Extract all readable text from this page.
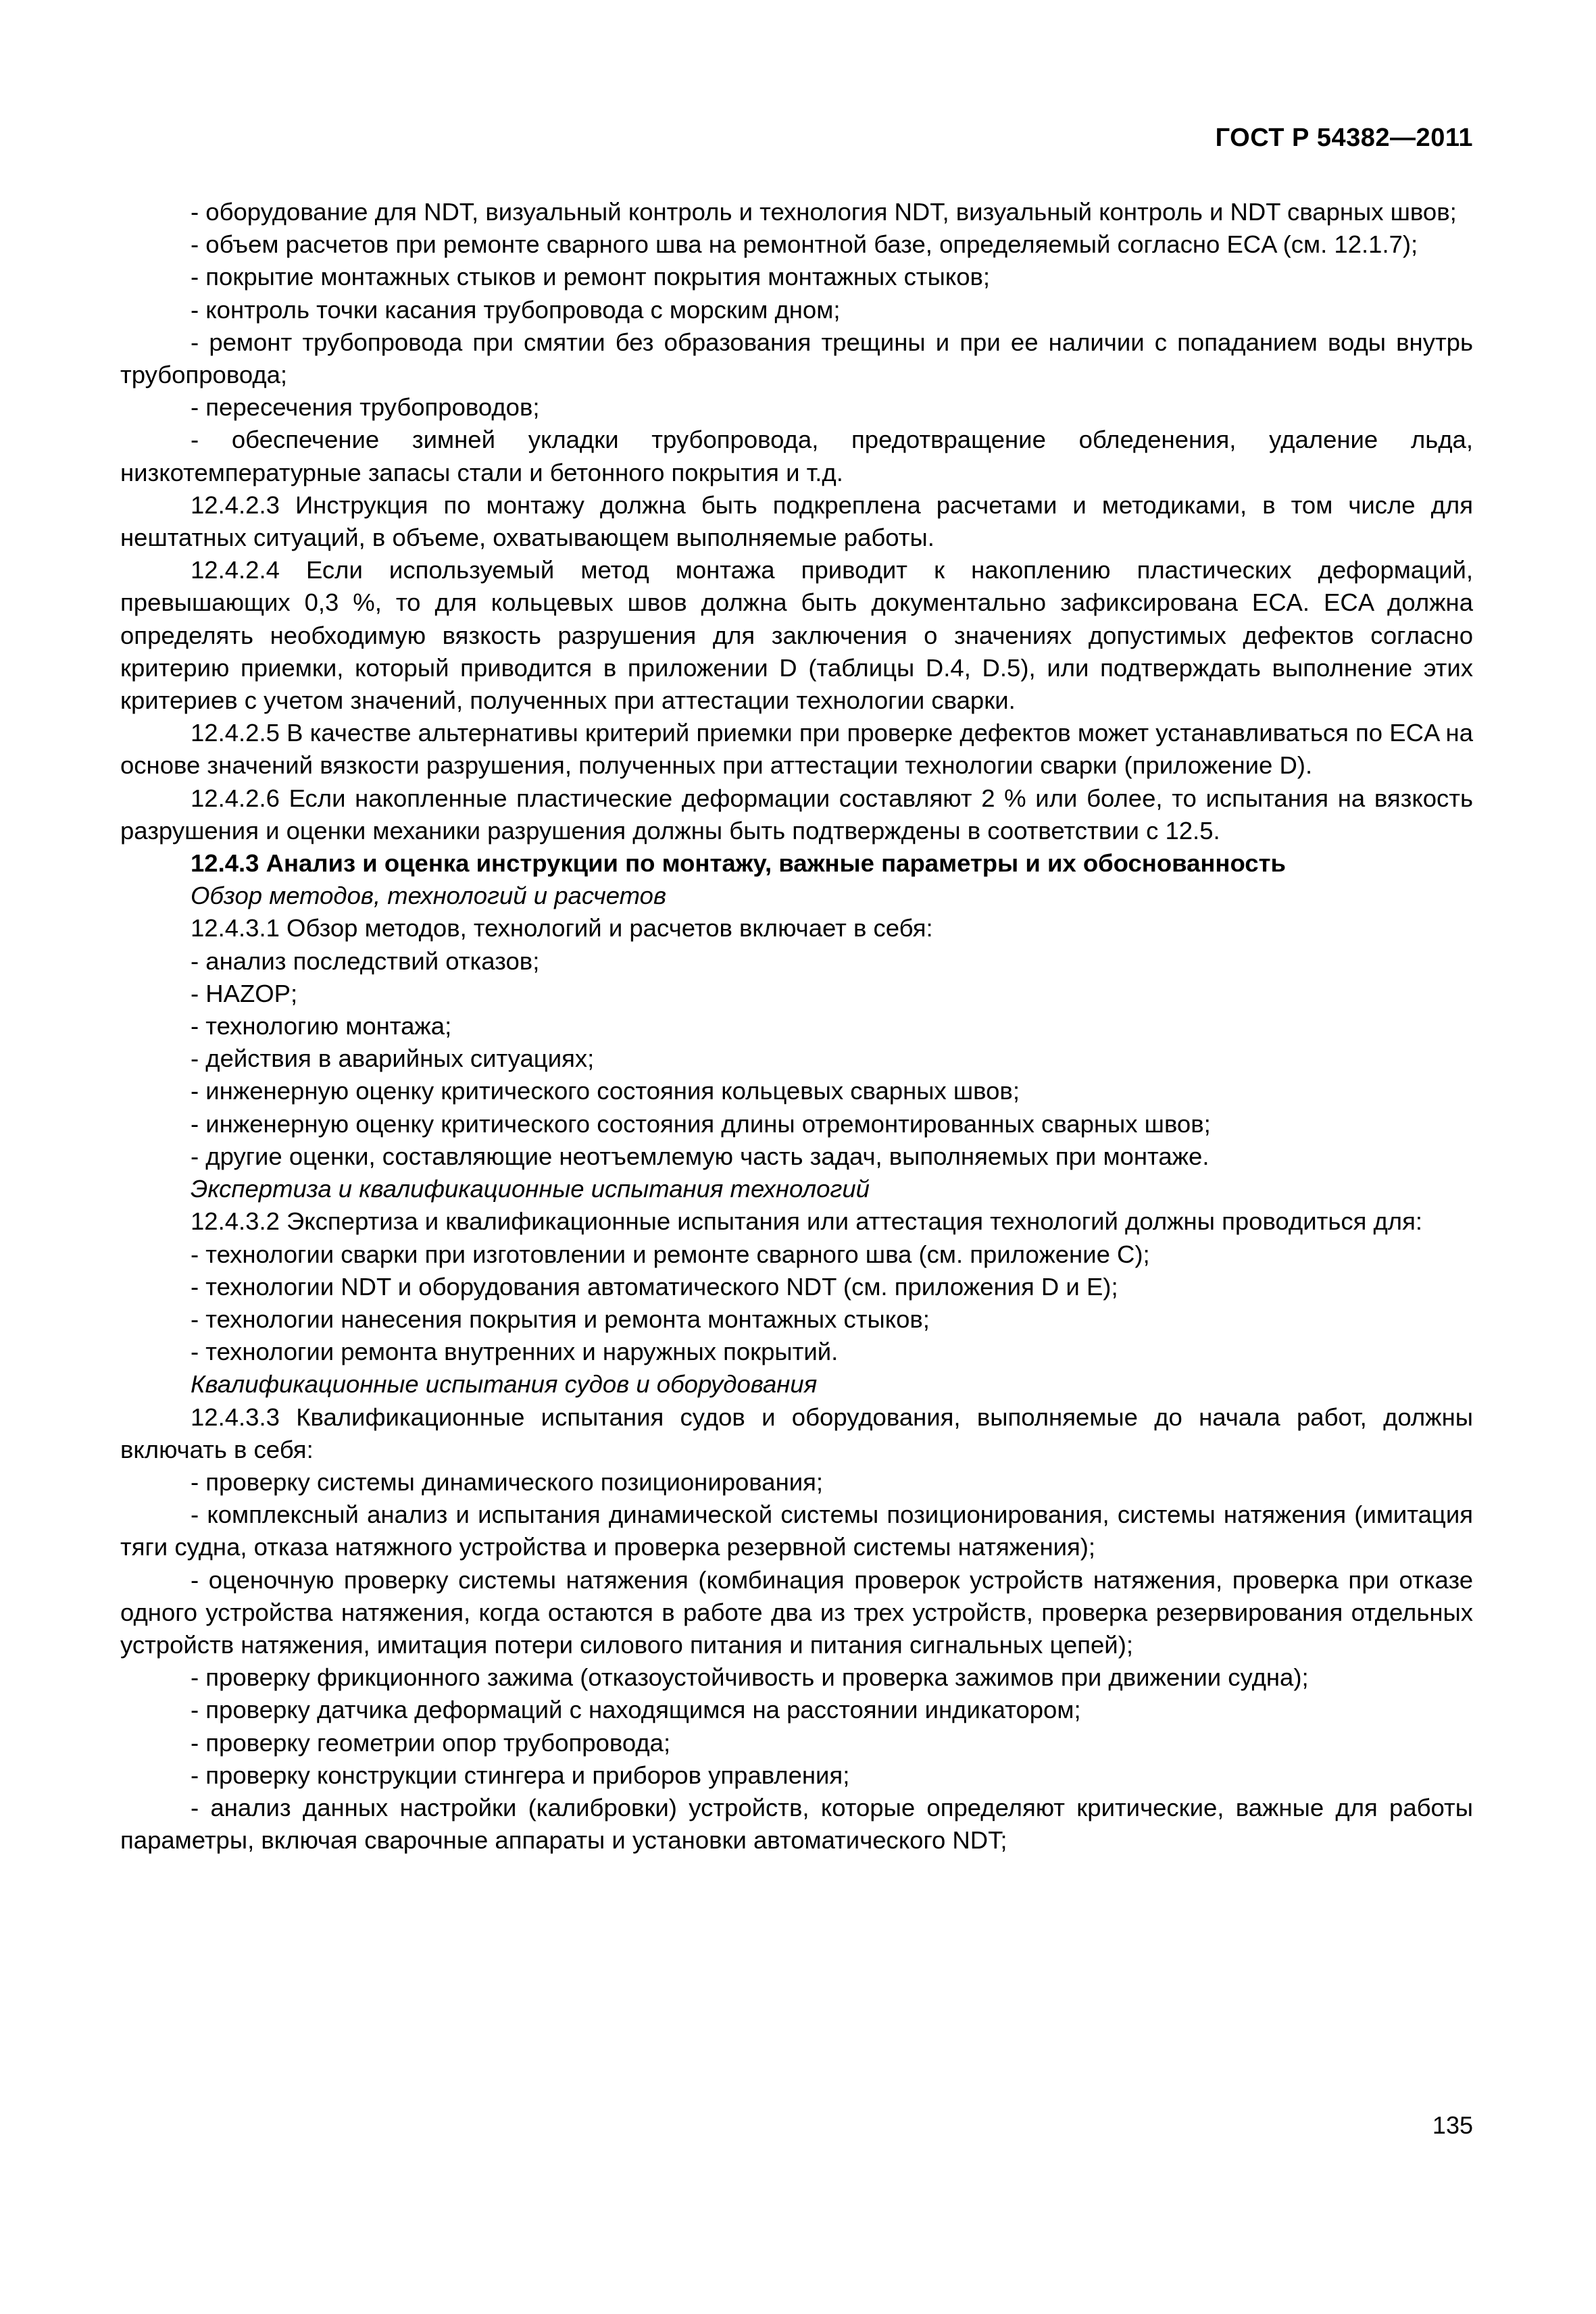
ГОСТ Р 54382—2011

- оборудование для NDT, визуальный контроль и технология NDT, визуальный контроль и NDT сварных швов;

- объем расчетов при ремонте сварного шва на ремонтной базе, определяемый согласно ECA (см. 12.1.7);

- покрытие монтажных стыков и ремонт покрытия монтажных стыков;

- контроль точки касания трубопровода с морским дном;

- ремонт трубопровода при смятии без образования трещины и при ее наличии с попаданием воды внутрь трубопровода;

- пересечения трубопроводов;

- обеспечение зимней укладки трубопровода, предотвращение обледенения, удаление льда, низкотемпературные запасы стали и бетонного покрытия и т.д.

12.4.2.3 Инструкция по монтажу должна быть подкреплена расчетами и методиками, в том числе для нештатных ситуаций, в объеме, охватывающем выполняемые работы.

12.4.2.4 Если используемый метод монтажа приводит к накоплению пластических деформаций, превышающих 0,3 %, то для кольцевых швов должна быть документально зафиксирована ECA. ECA должна определять необходимую вязкость разрушения для заключения о значениях допустимых дефектов согласно критерию приемки, который приводится в приложении D (таблицы D.4, D.5), или подтверждать выполнение этих критериев с учетом значений, полученных при аттестации технологии сварки.

12.4.2.5 В качестве альтернативы критерий приемки при проверке дефектов может устанавливаться по ECA на основе значений вязкости разрушения, полученных при аттестации технологии сварки (приложение D).

12.4.2.6 Если накопленные пластические деформации составляют 2 % или более, то испытания на вязкость разрушения и оценки механики разрушения должны быть подтверждены в соответствии с 12.5.

12.4.3 Анализ и оценка инструкции по монтажу, важные параметры и их обоснованность

Обзор методов, технологий и расчетов

12.4.3.1 Обзор методов, технологий и расчетов включает в себя:

- анализ последствий отказов;

- HAZOP;

- технологию монтажа;

- действия в аварийных ситуациях;

- инженерную оценку критического состояния кольцевых сварных швов;

- инженерную оценку критического состояния длины отремонтированных сварных швов;

- другие оценки, составляющие неотъемлемую часть задач, выполняемых при монтаже.

Экспертиза и квалификационные испытания технологий

12.4.3.2 Экспертиза и квалификационные испытания или аттестация технологий должны проводиться для:

- технологии сварки при изготовлении и ремонте сварного шва (см. приложение C);

- технологии NDT и оборудования автоматического NDT (см. приложения D и E);

- технологии нанесения покрытия и ремонта монтажных стыков;

- технологии ремонта внутренних и наружных покрытий.

Квалификационные испытания судов и оборудования

12.4.3.3 Квалификационные испытания судов и оборудования, выполняемые до начала работ, должны включать в себя:

- проверку системы динамического позиционирования;

- комплексный анализ и испытания динамической системы позиционирования, системы натяжения (имитация тяги судна, отказа натяжного устройства и проверка резервной системы натяжения);

- оценочную проверку системы натяжения (комбинация проверок устройств натяжения, проверка при отказе одного устройства натяжения, когда остаются в работе два из трех устройств, проверка резервирования отдельных устройств натяжения, имитация потери силового питания и питания сигнальных цепей);

- проверку фрикционного зажима (отказоустойчивость и проверка зажимов при движении судна);

- проверку датчика деформаций с находящимся на расстоянии индикатором;

- проверку геометрии опор трубопровода;

- проверку конструкции стингера и приборов управления;

- анализ данных настройки (калибровки) устройств, которые определяют критические, важные для работы параметры, включая сварочные аппараты и установки автоматического NDT;

135
